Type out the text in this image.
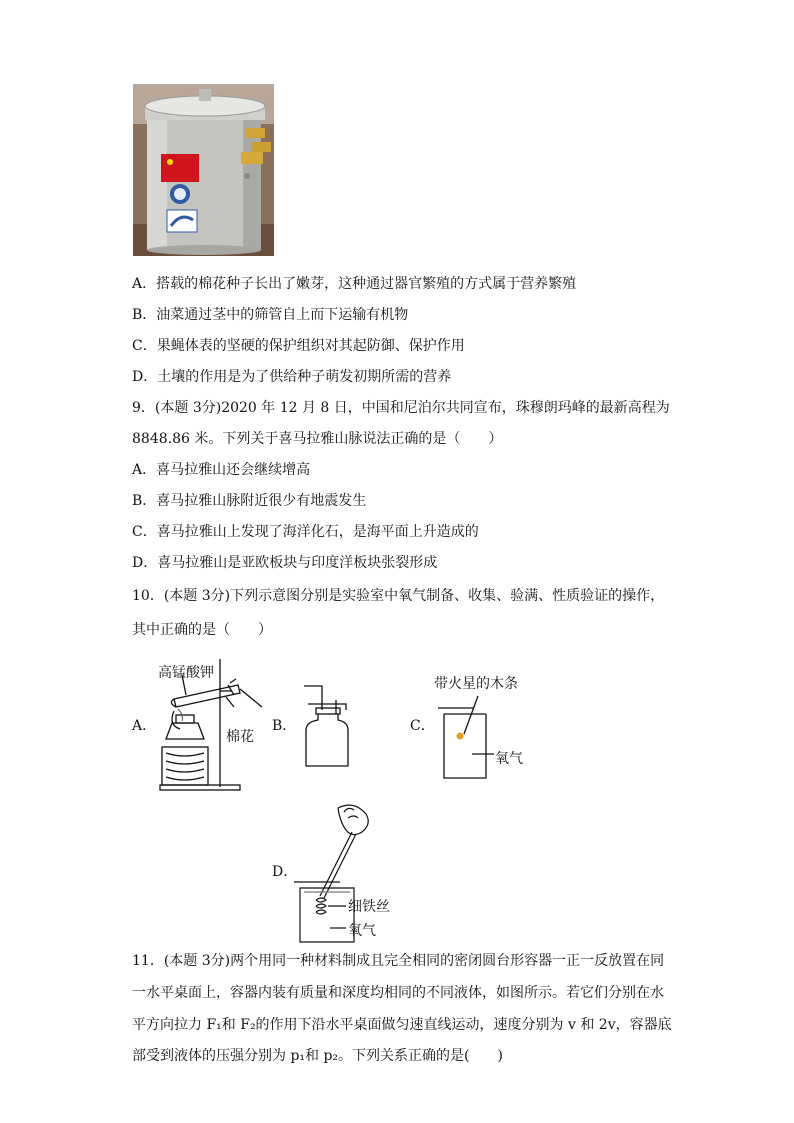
A．搭载的棉花种子长出了嫩芽，这种通过器官繁殖的方式属于营养繁殖
B．油菜通过茎中的筛管自上而下运输有机物
C．果蝇体表的坚硬的保护组织对其起防御、保护作用
D．土壤的作用是为了供给种子萌发初期所需的营养
9．(本题 3分)2020 年 12 月 8 日，中国和尼泊尔共同宣布，珠穆朗玛峰的最新高程为
8848.86 米。下列关于喜马拉雅山脉说法正确的是（　　）
A．喜马拉雅山还会继续增高
B．喜马拉雅山脉附近很少有地震发生
C．喜马拉雅山上发现了海洋化石，是海平面上升造成的
D．喜马拉雅山是亚欧板块与印度洋板块张裂形成
10．(本题 3分)下列示意图分别是实验室中氧气制备、收集、验满、性质验证的操作，
其中正确的是（　　）
A．
高锰酸钾
棉花
B．	C．
带火星的木条
氧气
D．
细铁丝
氧气
11．(本题 3分)两个用同一种材料制成且完全相同的密闭圆台形容器一正一反放置在同
一水平桌面上，容器内装有质量和深度均相同的不同液体，如图所示。若它们分别在水
平方向拉力 F₁和 F₂的作用下沿水平桌面做匀速直线运动，速度分别为 v 和 2v，容器底
部受到液体的压强分别为 p₁和 p₂。下列关系正确的是(　　)
